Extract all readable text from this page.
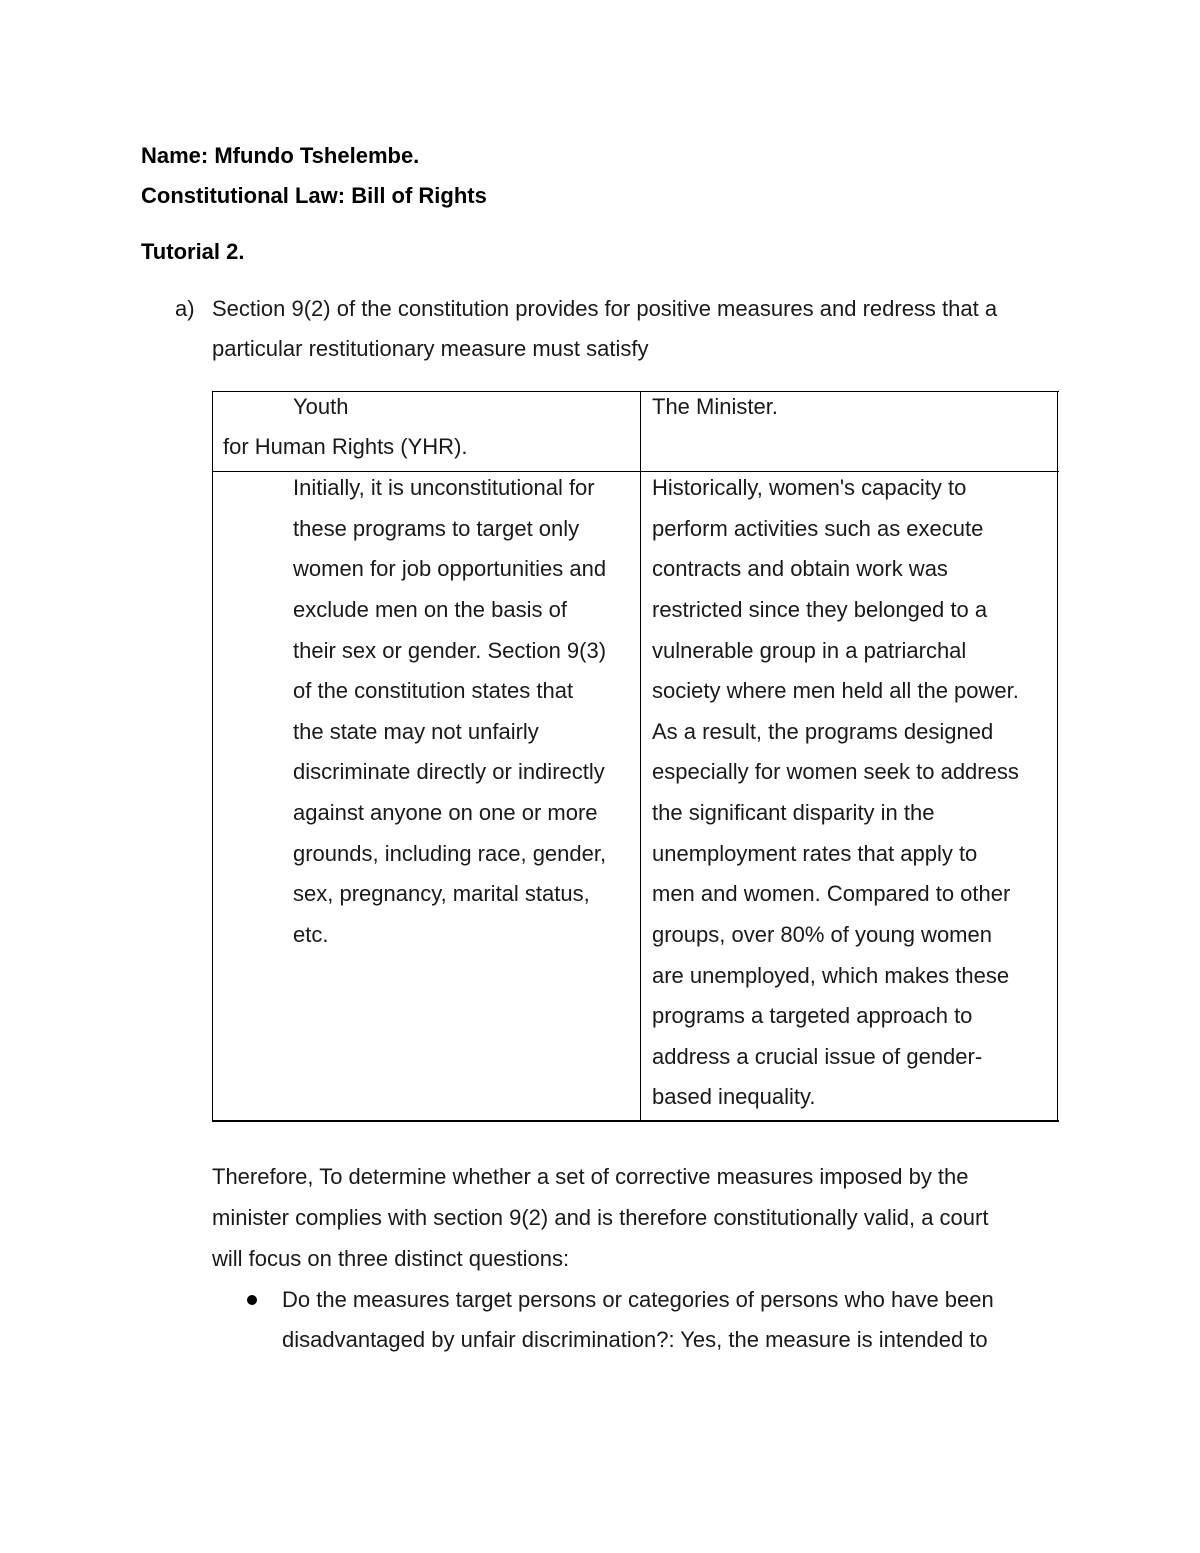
Name: Mfundo Tshelembe.
Constitutional Law: Bill of Rights
Tutorial 2.
a) Section 9(2) of the constitution provides for positive measures and redress that a
particular restitutionary measure must satisfy
Youth
for Human Rights (YHR).
The Minister.
Initially, it is unconstitutional for
these programs to target only
women for job opportunities and
exclude men on the basis of
their sex or gender. Section 9(3)
of the constitution states that
the state may not unfairly
discriminate directly or indirectly
against anyone on one or more
grounds, including race, gender,
sex, pregnancy, marital status,
etc.
Historically, women's capacity to
perform activities such as execute
contracts and obtain work was
restricted since they belonged to a
vulnerable group in a patriarchal
society where men held all the power.
As a result, the programs designed
especially for women seek to address
the significant disparity in the
unemployment rates that apply to
men and women. Compared to other
groups, over 80% of young women
are unemployed, which makes these
programs a targeted approach to
address a crucial issue of gender-
based inequality.
Therefore, To determine whether a set of corrective measures imposed by the
minister complies with section 9(2) and is therefore constitutionally valid, a court
will focus on three distinct questions:
Do the measures target persons or categories of persons who have been
disadvantaged by unfair discrimination?: Yes, the measure is intended to
